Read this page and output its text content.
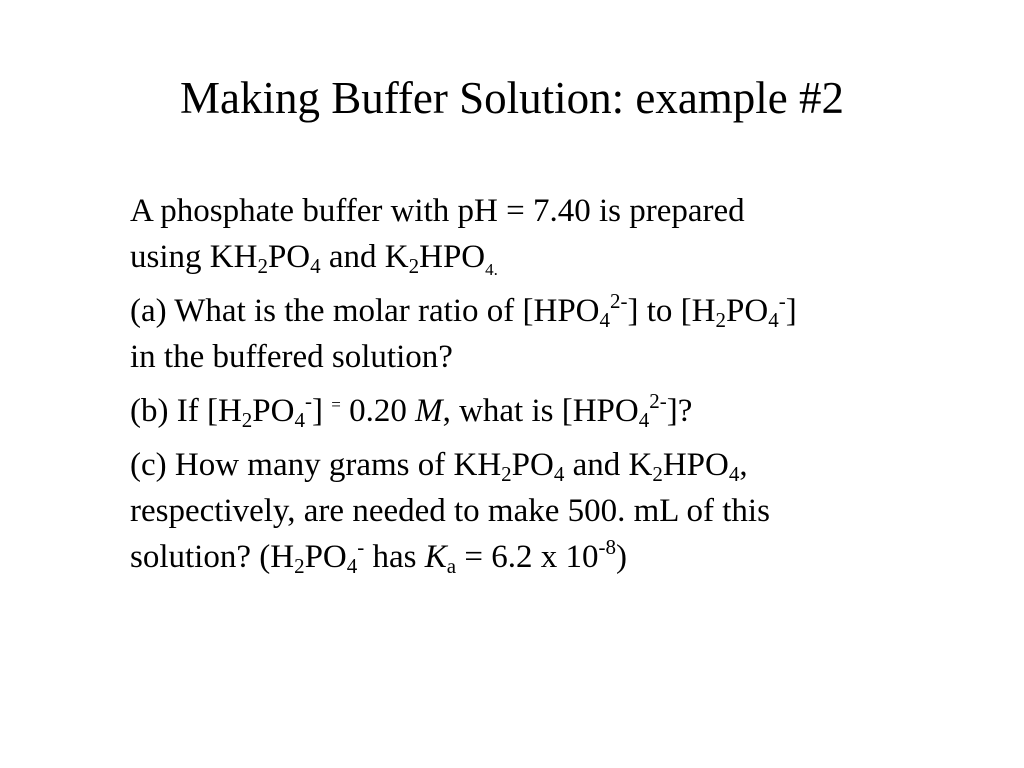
Making Buffer Solution: example #2
A phosphate buffer with pH = 7.40 is prepared
using $KH_2PO_4$ and $K_2HPO_{4.}$
(a) What is the molar ratio of $[HPO_4^{2-}]$ to $[H_2PO_4^-]$
in the buffered solution?
(b) If $[H_2PO_4^-]$ = 0.20 M, what is $[HPO_4^{2-}]$?
(c) How many grams of $KH_2PO_4$ and $K_2HPO_4$,
respectively, are needed to make 500. mL of this
solution? ($H_2PO_4^-$ has $K_a = 6.2$ x $10^{-8}$)
